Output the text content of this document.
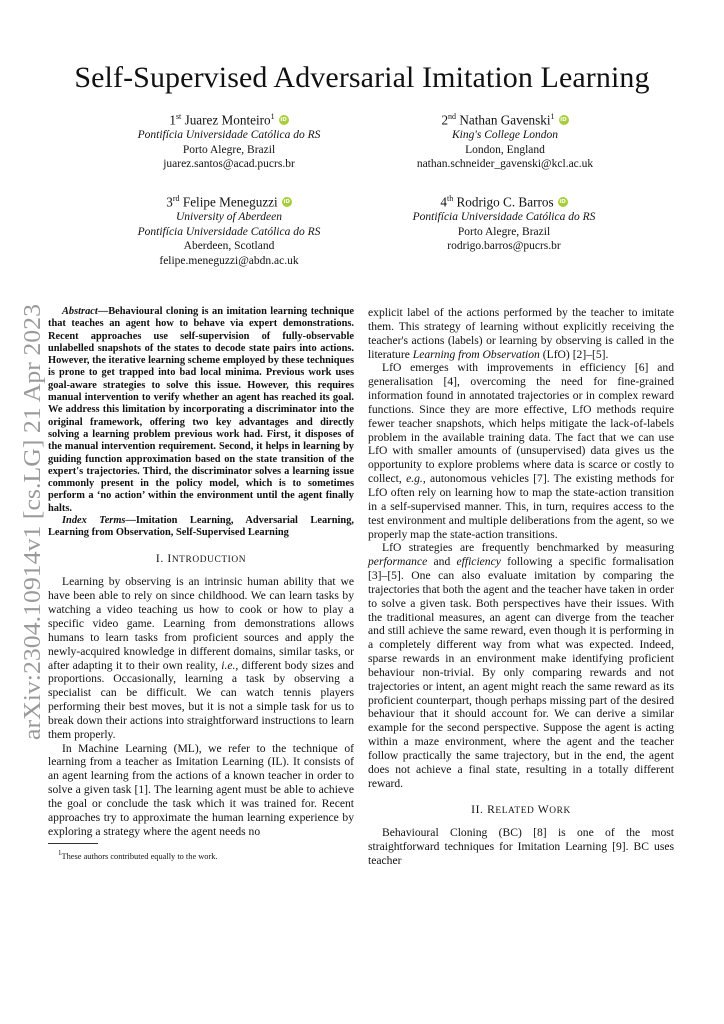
arXiv:2304.10914v1 [cs.LG] 21 Apr 2023
Self-Supervised Adversarial Imitation Learning
1st Juarez Monteiro$^1$iD
Pontifícia Universidade Católica do RS
Porto Alegre, Brazil
juarez.santos@acad.pucrs.br
2nd Nathan Gavenski$^1$iD
King's College London
London, England
nathan.schneider_gavenski@kcl.ac.uk
3rd Felipe MeneguzziiD
University of Aberdeen
Pontifícia Universidade Católica do RS
Aberdeen, Scotland
felipe.meneguzzi@abdn.ac.uk
4th Rodrigo C. BarrosiD
Pontifícia Universidade Católica do RS
Porto Alegre, Brazil
rodrigo.barros@pucrs.br
Abstract—Behavioural cloning is an imitation learning technique that teaches an agent how to behave via expert demonstrations. Recent approaches use self-supervision of fully-observable unlabelled snapshots of the states to decode state pairs into actions. However, the iterative learning scheme employed by these techniques is prone to get trapped into bad local minima. Previous work uses goal-aware strategies to solve this issue. However, this requires manual intervention to verify whether an agent has reached its goal. We address this limitation by incorporating a discriminator into the original framework, offering two key advantages and directly solving a learning problem previous work had. First, it disposes of the manual intervention requirement. Second, it helps in learning by guiding function approximation based on the state transition of the expert's trajectories. Third, the discriminator solves a learning issue commonly present in the policy model, which is to sometimes perform a ‘no action’ within the environment until the agent finally halts.
Index Terms—Imitation Learning, Adversarial Learning, Learning from Observation, Self-Supervised Learning
I. INTRODUCTION

Learning by observing is an intrinsic human ability that we have been able to rely on since childhood. We can learn tasks by watching a video teaching us how to cook or how to play a specific video game. Learning from demonstrations allows humans to learn tasks from proficient sources and apply the newly-acquired knowledge in different domains, similar tasks, or after adapting it to their own reality, i.e., different body sizes and proportions. Occasionally, learning a task by observing a specialist can be difficult. We can watch tennis players performing their best moves, but it is not a simple task for us to break down their actions into straightforward instructions to learn them properly.

In Machine Learning (ML), we refer to the technique of learning from a teacher as Imitation Learning (IL). It consists of an agent learning from the actions of a known teacher in order to solve a given task [1]. The learning agent must be able to achieve the goal or conclude the task which it was trained for. Recent approaches try to approximate the human learning experience by exploring a strategy where the agent needs no

$^1$These authors contributed equally to the work.

explicit label of the actions performed by the teacher to imitate them. This strategy of learning without explicitly receiving the teacher's actions (labels) or learning by observing is called in the literature Learning from Observation (LfO) [2]–[5].

LfO emerges with improvements in efficiency [6] and generalisation [4], overcoming the need for fine-grained information found in annotated trajectories or in complex reward functions. Since they are more effective, LfO methods require fewer teacher snapshots, which helps mitigate the lack-of-labels problem in the available training data. The fact that we can use LfO with smaller amounts of (unsupervised) data gives us the opportunity to explore problems where data is scarce or costly to collect, e.g., autonomous vehicles [7]. The existing methods for LfO often rely on learning how to map the state-action transition in a self-supervised manner. This, in turn, requires access to the test environment and multiple deliberations from the agent, so we properly map the state-action transitions.

LfO strategies are frequently benchmarked by measuring performance and efficiency following a specific formalisation [3]–[5]. One can also evaluate imitation by comparing the trajectories that both the agent and the teacher have taken in order to solve a given task. Both perspectives have their issues. With the traditional measures, an agent can diverge from the teacher and still achieve the same reward, even though it is performing in a completely different way from what was expected. Indeed, sparse rewards in an environment make identifying proficient behaviour non-trivial. By only comparing rewards and not trajectories or intent, an agent might reach the same reward as its proficient counterpart, though perhaps missing part of the desired behaviour that it should account for. We can derive a similar example for the second perspective. Suppose the agent is acting within a maze environment, where the agent and the teacher follow practically the same trajectory, but in the end, the agent does not achieve a final state, resulting in a totally different reward.

II. RELATED WORK

Behavioural Cloning (BC) [8] is one of the most straightforward techniques for Imitation Learning [9]. BC uses teacher
